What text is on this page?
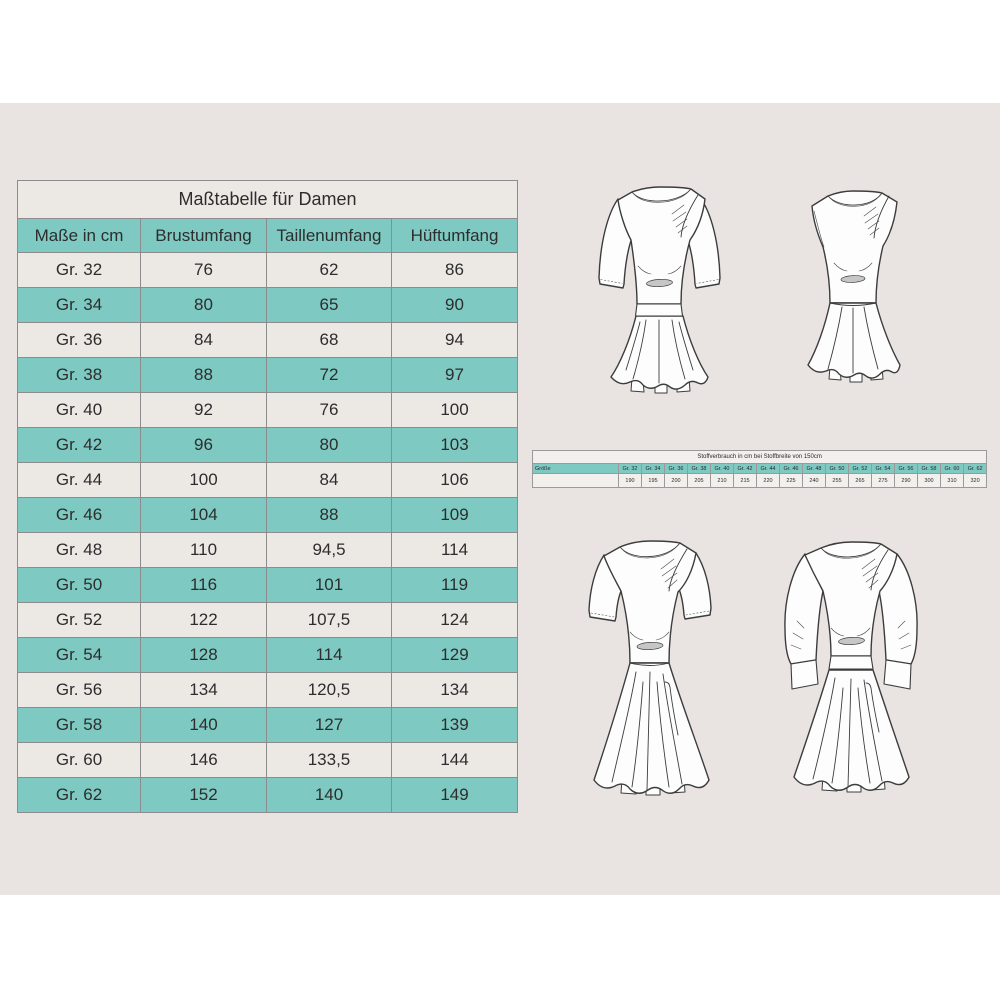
Maßtabelle für Damen			
Maße in cm	Brustumfang	Taillenumfang	Hüftumfang
Gr. 32	76	62	86
Gr. 34	80	65	90
Gr. 36	84	68	94
Gr. 38	88	72	97
Gr. 40	92	76	100
Gr. 42	96	80	103
Gr. 44	100	84	106
Gr. 46	104	88	109
Gr. 48	110	94,5	114
Gr. 50	116	101	119
Gr. 52	122	107,5	124
Gr. 54	128	114	129
Gr. 56	134	120,5	134
Gr. 58	140	127	139
Gr. 60	146	133,5	144
Gr. 62	152	140	149
Stoffverbrauch in cm bei Stoffbreite von 150cm																
Größe	Gr. 32	Gr. 34	Gr. 36	Gr. 38	Gr. 40	Gr. 42	Gr. 44	Gr. 46	Gr. 48	Gr. 50	Gr. 52	Gr. 54	Gr. 56	Gr. 58	Gr. 60	Gr. 62
	190	195	200	205	210	215	220	225	240	255	265	275	290	300	310	320
